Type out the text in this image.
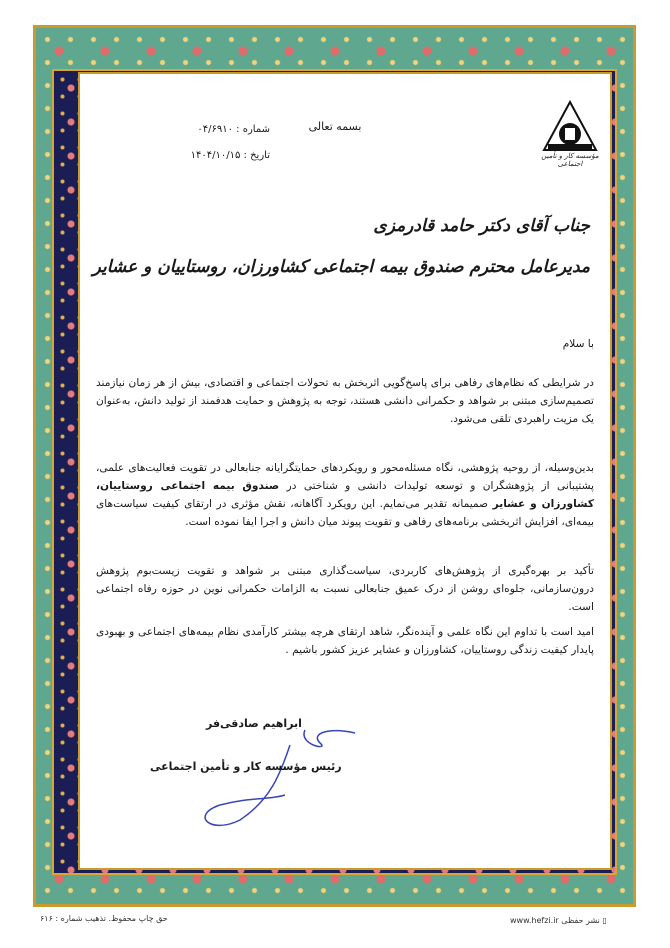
مؤسسه کار و تأمین اجتماعی
بسمه تعالی
شماره : ۰۴/۶۹۱۰
تاریخ : ۱۴۰۴/۱۰/۱۵
جناب آقای دکتر حامد قادرمزی
مدیرعامل محترم صندوق بیمه اجتماعی کشاورزان، روستاییان و عشایر
با سلام

در شرایطی که نظام‌های رفاهی برای پاسخ‌گویی اثربخش به تحولات اجتماعی و اقتصادی، بیش از هر زمان نیازمند تصمیم‌سازی مبتنی بر شواهد و حکمرانی دانشی هستند، توجه به پژوهش و حمایت هدفمند از تولید دانش، به‌عنوان یک مزیت راهبردی تلقی می‌شود.

بدین‌وسیله، از روحیه پژوهشی، نگاه مسئله‌محور و رویکردهای حمایتگرایانه جنابعالی در تقویت فعالیت‌های علمی، پشتیبانی از پژوهشگران و توسعه تولیدات دانشی و شناختی در صندوق بیمه اجتماعی روستاییان، کشاورزان و عشایر صمیمانه تقدیر می‌نمایم. این رویکرد آگاهانه، نقش مؤثری در ارتقای کیفیت سیاست‌های بیمه‌ای، افزایش اثربخشی برنامه‌های رفاهی و تقویت پیوند میان دانش و اجرا ایفا نموده است.

تأکید بر بهره‌گیری از پژوهش‌های کاربردی، سیاست‌گذاری مبتنی بر شواهد و تقویت زیست‌بوم پژوهش درون‌سازمانی، جلوه‌ای روشن از درک عمیق جنابعالی نسبت به الزامات حکمرانی نوین در حوزه رفاه اجتماعی است.

امید است با تداوم این نگاه علمی و آینده‌نگر، شاهد ارتقای هرچه بیشتر کارآمدی نظام بیمه‌های اجتماعی و بهبودی پایدار کیفیت زندگی روستاییان، کشاورزان و عشایر عزیز کشور باشیم .

ابراهیم صادقی‌فر
رئیس مؤسسه کار و تأمین اجتماعی
حق چاپ محفوظ. تذهیب شماره : ۶۱۶	www.hefzi.ir نشر حفظی ▯
